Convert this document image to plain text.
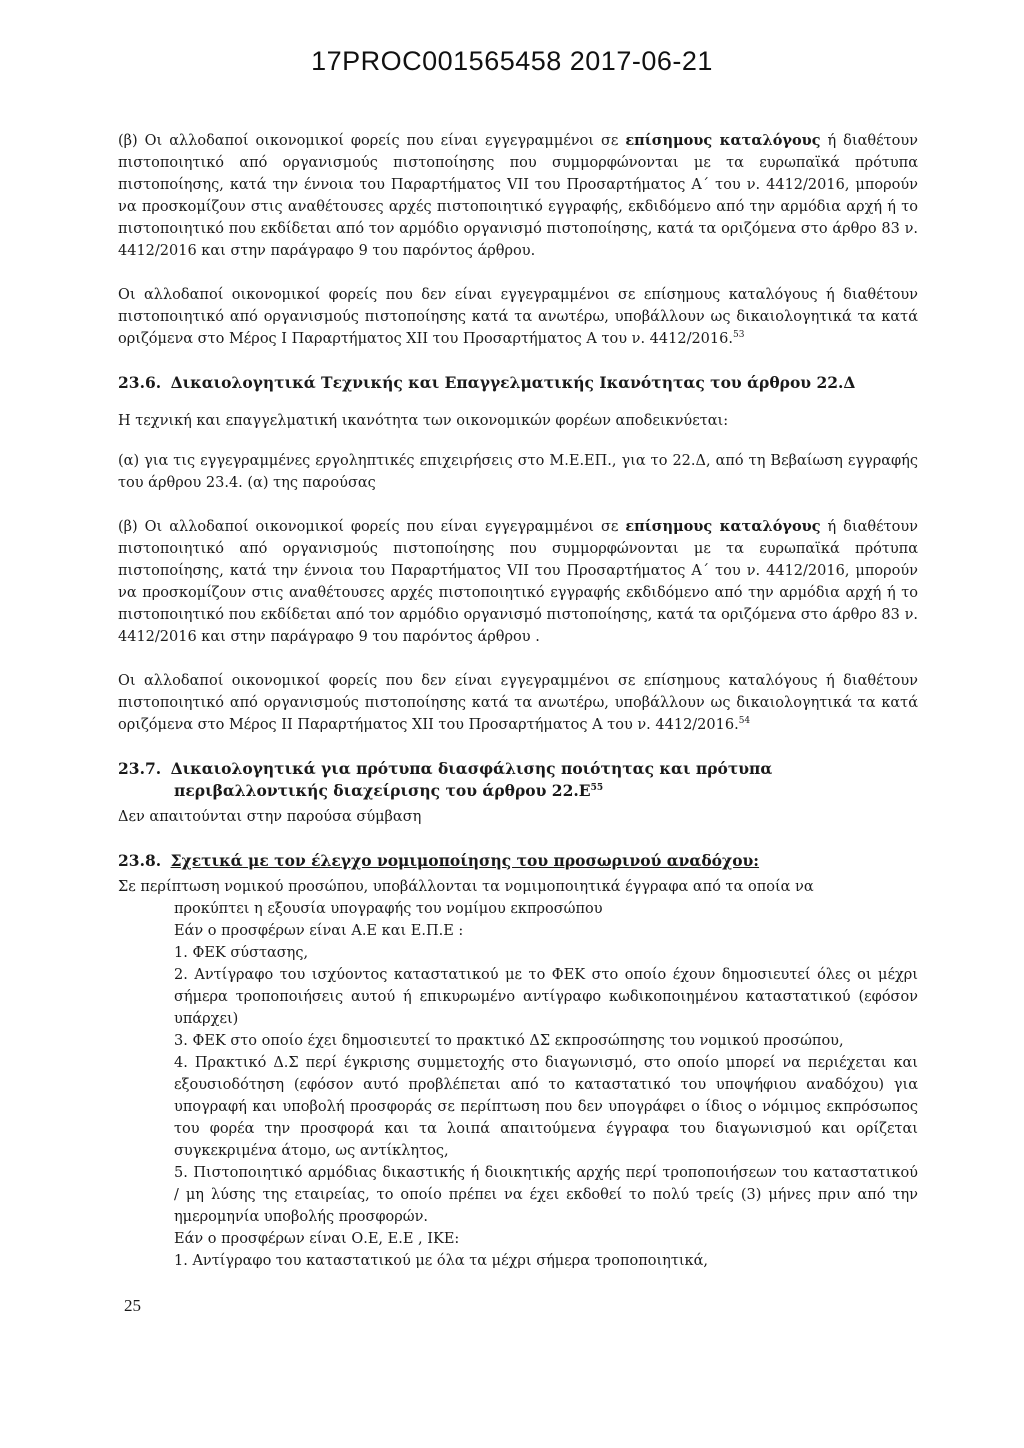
17PROC001565458 2017-06-21

(β) Οι αλλοδαποί οικονομικοί φορείς που είναι εγγεγραμμένοι σε επίσημους καταλόγους ή διαθέτουν πιστοποιητικό από οργανισμούς πιστοποίησης που συμμορφώνονται με τα ευρωπαϊκά πρότυπα πιστοποίησης, κατά την έννοια του Παραρτήματος VII του Προσαρτήματος Α΄ του ν. 4412/2016, μπορούν να προσκομίζουν στις αναθέτουσες αρχές πιστοποιητικό εγγραφής, εκδιδόμενο από την αρμόδια αρχή ή το πιστοποιητικό που εκδίδεται από τον αρμόδιο οργανισμό πιστοποίησης, κατά τα οριζόμενα στο άρθρο 83 ν. 4412/2016 και στην παράγραφο 9 του παρόντος άρθρου.

Οι αλλοδαποί οικονομικοί φορείς που δεν είναι εγγεγραμμένοι σε επίσημους καταλόγους ή διαθέτουν πιστοποιητικό από οργανισμούς πιστοποίησης κατά τα ανωτέρω, υποβάλλουν ως δικαιολογητικά τα κατά οριζόμενα στο Μέρος Ι Παραρτήματος XII του Προσαρτήματος Α του ν. 4412/2016.53

23.6. Δικαιολογητικά Τεχνικής και Επαγγελματικής Ικανότητας του άρθρου 22.Δ

Η τεχνική και επαγγελματική ικανότητα των οικονομικών φορέων αποδεικνύεται:

(α) για τις εγγεγραμμένες εργοληπτικές επιχειρήσεις στο Μ.Ε.ΕΠ., για το 22.Δ, από τη Βεβαίωση εγγραφής του άρθρου 23.4. (α) της παρούσας

(β) Οι αλλοδαποί οικονομικοί φορείς που είναι εγγεγραμμένοι σε επίσημους καταλόγους ή διαθέτουν πιστοποιητικό από οργανισμούς πιστοποίησης που συμμορφώνονται με τα ευρωπαϊκά πρότυπα πιστοποίησης, κατά την έννοια του Παραρτήματος VII του Προσαρτήματος Α΄ του ν. 4412/2016, μπορούν να προσκομίζουν στις αναθέτουσες αρχές πιστοποιητικό εγγραφής εκδιδόμενο από την αρμόδια αρχή ή το πιστοποιητικό που εκδίδεται από τον αρμόδιο οργανισμό πιστοποίησης, κατά τα οριζόμενα στο άρθρο 83 ν. 4412/2016 και στην παράγραφο 9 του παρόντος άρθρου .

Οι αλλοδαποί οικονομικοί φορείς που δεν είναι εγγεγραμμένοι σε επίσημους καταλόγους ή διαθέτουν πιστοποιητικό από οργανισμούς πιστοποίησης κατά τα ανωτέρω, υποβάλλουν ως δικαιολογητικά τα κατά οριζόμενα στο Μέρος ΙΙ Παραρτήματος XII του Προσαρτήματος Α του ν. 4412/2016.54

23.7. Δικαιολογητικά για πρότυπα διασφάλισης ποιότητας και πρότυπα περιβαλλοντικής διαχείρισης του άρθρου $22.E^{55}$

Δεν απαιτούνται στην παρούσα σύμβαση

23.8. Σχετικά με τον έλεγχο νομιμοποίησης του προσωρινού αναδόχου:
Σε περίπτωση νομικού προσώπου, υποβάλλονται τα νομιμοποιητικά έγγραφα από τα οποία να
προκύπτει η εξουσία υπογραφής του νομίμου εκπροσώπου
Εάν ο προσφέρων είναι Α.Ε και Ε.Π.Ε :
1. ΦΕΚ σύστασης,
2. Αντίγραφο του ισχύοντος καταστατικού με το ΦΕΚ στο οποίο έχουν δημοσιευτεί όλες οι μέχρι σήμερα τροποποιήσεις αυτού ή επικυρωμένο αντίγραφο κωδικοποιημένου καταστατικού (εφόσον υπάρχει)
3. ΦΕΚ στο οποίο έχει δημοσιευτεί το πρακτικό ΔΣ εκπροσώπησης του νομικού προσώπου,
4. Πρακτικό Δ.Σ περί έγκρισης συμμετοχής στο διαγωνισμό, στο οποίο μπορεί να περιέχεται και εξουσιοδότηση (εφόσον αυτό προβλέπεται από το καταστατικό του υποψήφιου αναδόχου) για υπογραφή και υποβολή προσφοράς σε περίπτωση που δεν υπογράφει ο ίδιος ο νόμιμος εκπρόσωπος του φορέα την προσφορά και τα λοιπά απαιτούμενα έγγραφα του διαγωνισμού και ορίζεται συγκεκριμένα άτομο, ως αντίκλητος,
5. Πιστοποιητικό αρμόδιας δικαστικής ή διοικητικής αρχής περί τροποποιήσεων του καταστατικού / μη λύσης της εταιρείας, το οποίο πρέπει να έχει εκδοθεί το πολύ τρείς (3) μήνες πριν από την ημερομηνία υποβολής προσφορών.
Εάν ο προσφέρων είναι Ο.Ε, Ε.Ε , ΙΚΕ:
1. Αντίγραφο του καταστατικού με όλα τα μέχρι σήμερα τροποποιητικά,
25
